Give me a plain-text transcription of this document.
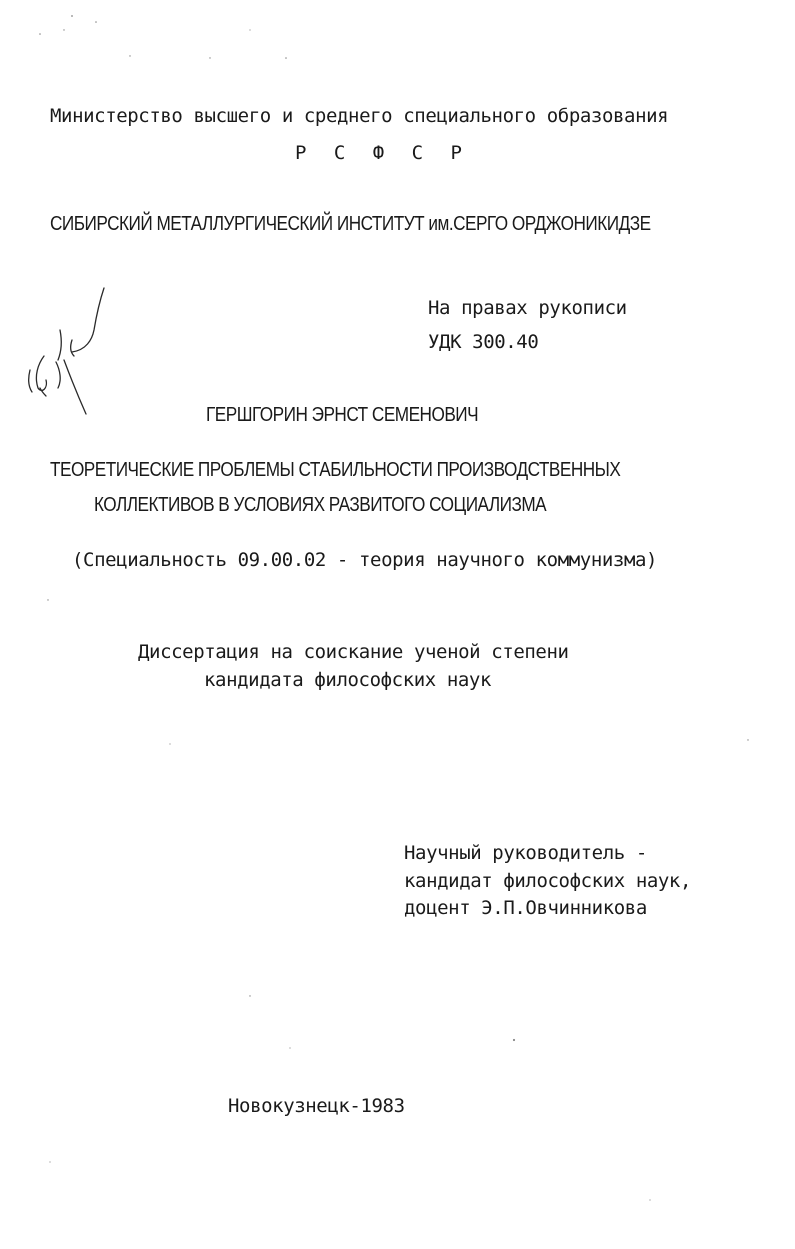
Министерство высшего и среднего специального образования
Р С Ф С Р
СИБИРСКИЙ МЕТАЛЛУРГИЧЕСКИЙ ИНСТИТУТ им.СЕРГО ОРДЖОНИКИДЗЕ
На правах рукописи
УДК 300.40
ГЕРШГОРИН ЭРНСТ СЕМЕНОВИЧ
ТЕОРЕТИЧЕСКИЕ ПРОБЛЕМЫ СТАБИЛЬНОСТИ ПРОИЗВОДСТВЕННЫХ
КОЛЛЕКТИВОВ В УСЛОВИЯХ РАЗВИТОГО СОЦИАЛИЗМА
(Специальность 09.00.02 - теория научного коммунизма)
Диссертация на соискание ученой степени
кандидата философских наук
Научный руководитель -
кандидат философских наук,
доцент Э.П.Овчинникова
Новокузнецк-1983
